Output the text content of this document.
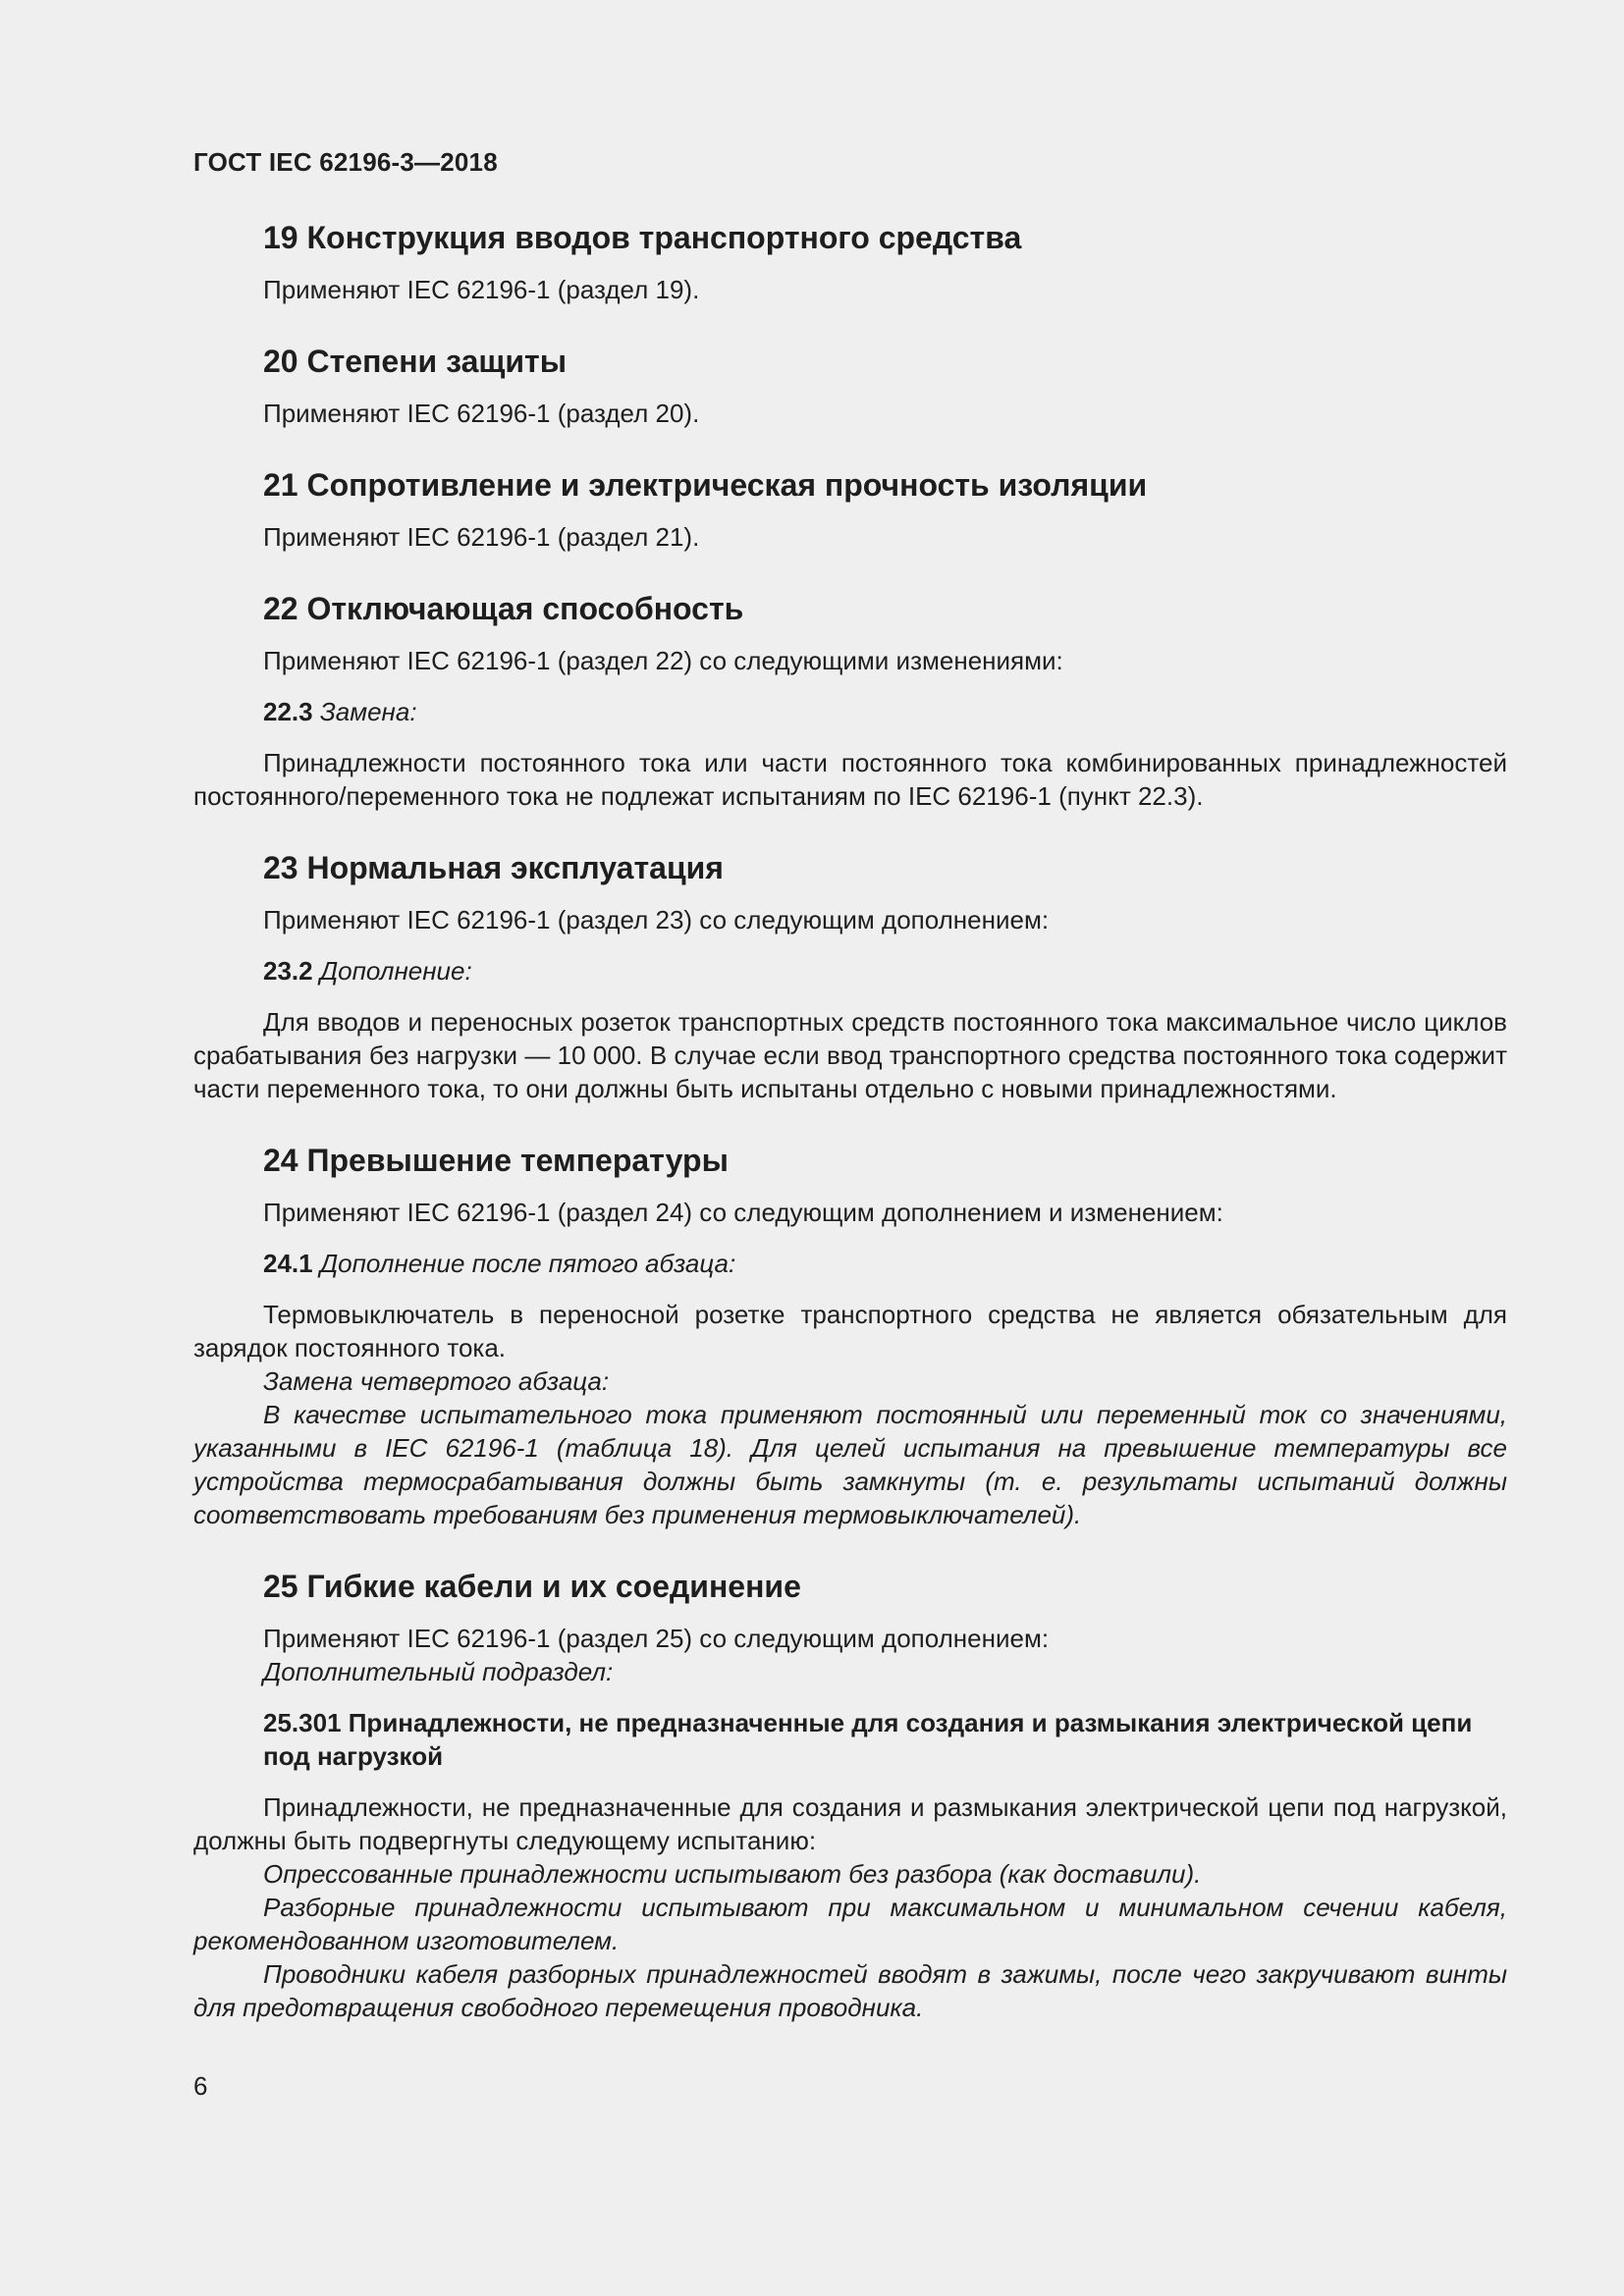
ГОСТ IEC 62196-3—2018
19 Конструкция вводов транспортного средства

Применяют IEC 62196-1 (раздел 19).

20 Степени защиты

Применяют IEC 62196-1 (раздел 20).

21 Сопротивление и электрическая прочность изоляции

Применяют IEC 62196-1 (раздел 21).

22 Отключающая способность

Применяют IEC 62196-1 (раздел 22) со следующими изменениями:

22.3 Замена:

Принадлежности постоянного тока или части постоянного тока комбинированных принадлежностей постоянного/переменного тока не подлежат испытаниям по IEC 62196-1 (пункт 22.3).

23 Нормальная эксплуатация

Применяют IEC 62196-1 (раздел 23) со следующим дополнением:

23.2 Дополнение:

Для вводов и переносных розеток транспортных средств постоянного тока максимальное число циклов срабатывания без нагрузки — 10 000. В случае если ввод транспортного средства постоянного тока содержит части переменного тока, то они должны быть испытаны отдельно с новыми принадлежностями.

24 Превышение температуры

Применяют IEC 62196-1 (раздел 24) со следующим дополнением и изменением:

24.1 Дополнение после пятого абзаца:

Термовыключатель в переносной розетке транспортного средства не является обязательным для зарядок постоянного тока.

Замена четвертого абзаца:

В качестве испытательного тока применяют постоянный или переменный ток со значениями, указанными в IEC 62196-1 (таблица 18). Для целей испытания на превышение температуры все устройства термосрабатывания должны быть замкнуты (т. е. результаты испытаний должны соответствовать требованиям без применения термовыключателей).

25 Гибкие кабели и их соединение

Применяют IEC 62196-1 (раздел 25) со следующим дополнением:

Дополнительный подраздел:

25.301 Принадлежности, не предназначенные для создания и размыкания электрической цепи под нагрузкой

Принадлежности, не предназначенные для создания и размыкания электрической цепи под нагрузкой, должны быть подвергнуты следующему испытанию:

Опрессованные принадлежности испытывают без разбора (как доставили).

Разборные принадлежности испытывают при максимальном и минимальном сечении кабеля, рекомендованном изготовителем.

Проводники кабеля разборных принадлежностей вводят в зажимы, после чего закручивают винты для предотвращения свободного перемещения проводника.

6
